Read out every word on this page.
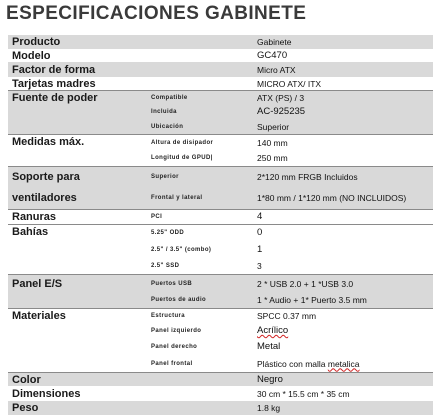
ESPECIFICACIONES GABINETE
Producto		Gabinete
Modelo		GC470
Factor de forma		Micro ATX
Tarjetas madres		MICRO ATX/ ITX
Fuente de poder	Compatible	ATX (PS) / 3
	Incluida	AC-925235
	Ubicación	Superior
Medidas máx.	Altura de disipador	140 mm
	Longitud de GPUD|	250 mm
Soporte para	Superior	2*120 mm FRGB Incluidos
ventiladores	Frontal y lateral	1*80 mm / 1*120 mm (NO INCLUIDOS)
Ranuras	PCI	4
Bahías	5.25" ODD	0
	2.5" / 3.5" (combo)	1
	2.5" SSD	3
Panel E/S	Puertos USB	2 * USB 2.0 + 1 *USB 3.0
	Puertos de audio	1 * Audio + 1* Puerto 3.5 mm
Materiales	Estructura	SPCC 0.37 mm
	Panel izquierdo	Acrílico
	Panel derecho	Metal
	Panel frontal	Plástico con malla metalica
Color		Negro
Dimensiones		30 cm * 15.5 cm * 35 cm
Peso		1.8 kg
